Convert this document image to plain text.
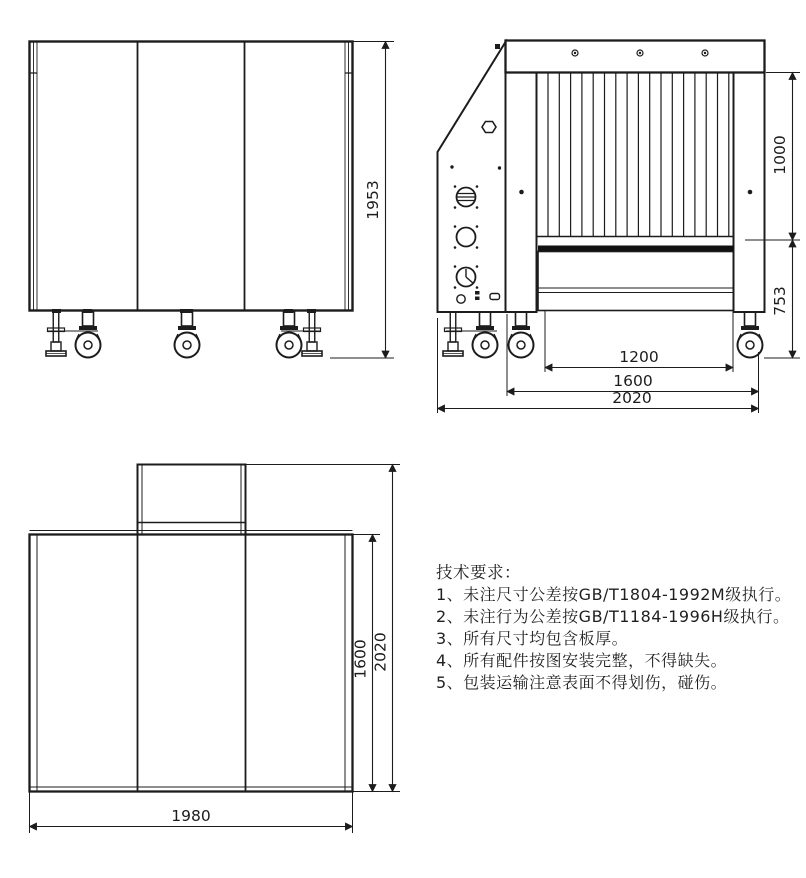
1953
1000
753
1200
1600
2020
1600 2020
1980
技术要求：
1、未注尺寸公差按GB/T1804-1992M级执行。
2、未注行为公差按GB/T1184-1996H级执行。
3、所有尺寸均包含板厚。
4、所有配件按图安装完整，不得缺失。
5、包装运输注意表面不得划伤，碰伤。
